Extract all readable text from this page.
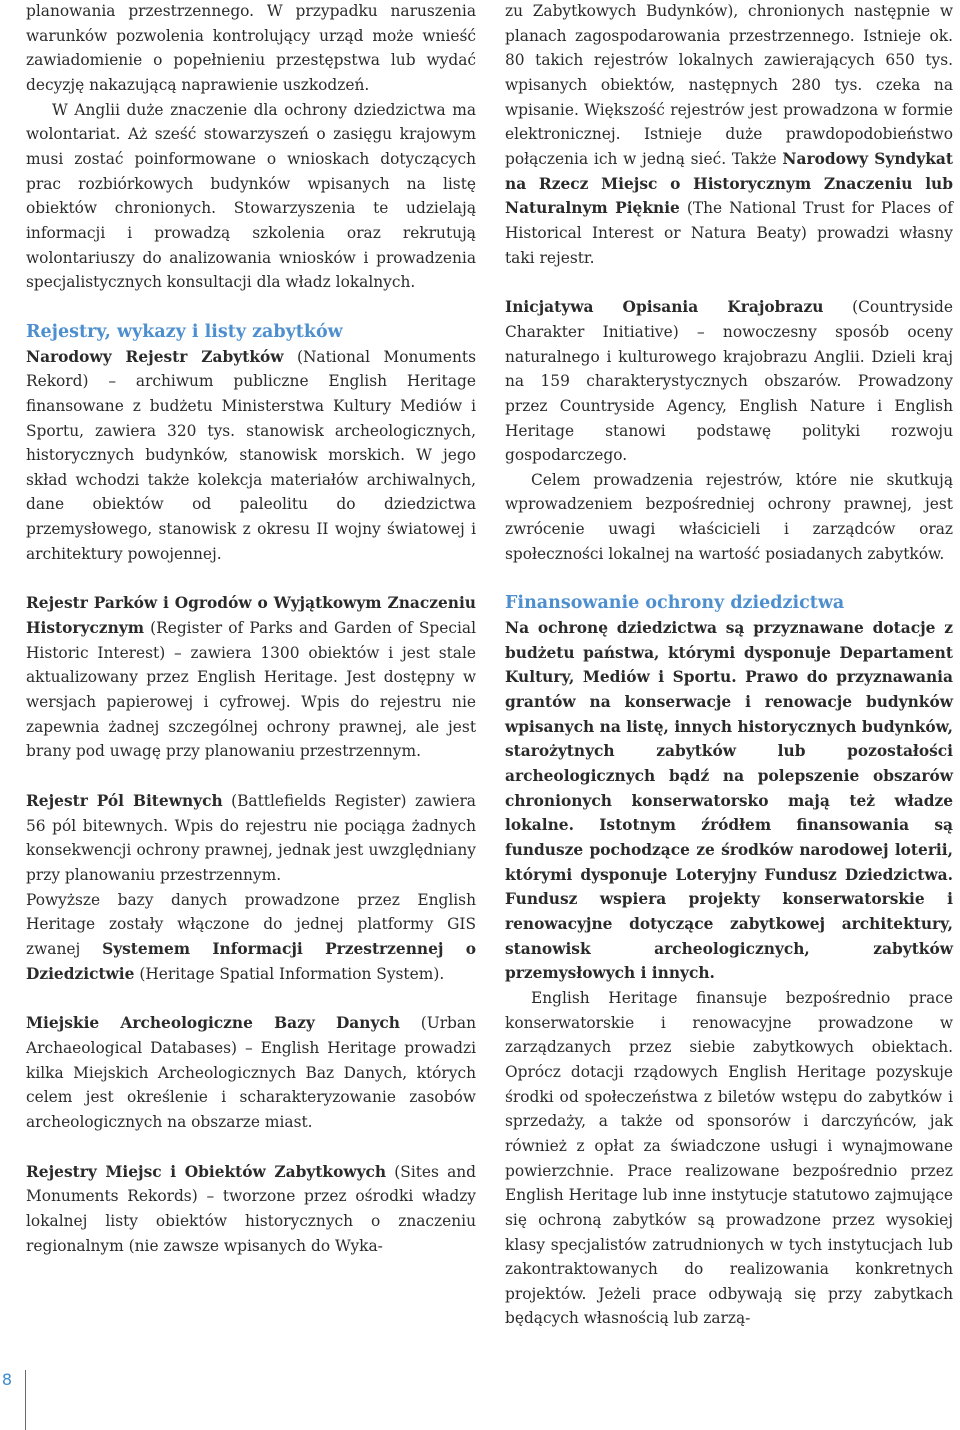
planowania przestrzennego. W przypadku naruszenia warunków pozwolenia kontrolujący urząd może wnieść zawiadomienie o popełnieniu przestępstwa lub wydać decyzję nakazującą naprawienie uszkodzeń.

W Anglii duże znaczenie dla ochrony dziedzictwa ma wolontariat. Aż sześć stowarzyszeń o zasięgu krajowym musi zostać poinformowane o wnioskach dotyczących prac rozbiórkowych budynków wpisanych na listę obiektów chronionych. Stowarzyszenia te udzielają informacji i prowadzą szkolenia oraz rekrutują wolontariuszy do analizowania wniosków i prowadzenia specjalistycznych konsultacji dla władz lokalnych.

Rejestry, wykazy i listy zabytków

Narodowy Rejestr Zabytków (National Monuments Rekord) – archiwum publiczne English Heritage finansowane z budżetu Ministerstwa Kultury Mediów i Sportu, zawiera 320 tys. stanowisk archeologicznych, historycznych budynków, stanowisk morskich. W jego skład wchodzi także kolekcja materiałów archiwalnych, dane obiektów od paleolitu do dziedzictwa przemysłowego, stanowisk z okresu II wojny światowej i architektury powojennej.

Rejestr Parków i Ogrodów o Wyjątkowym Znaczeniu Historycznym (Register of Parks and Garden of Special Historic Interest) – zawiera 1300 obiektów i jest stale aktualizowany przez English Heritage. Jest dostępny w wersjach papierowej i cyfrowej. Wpis do rejestru nie zapewnia żadnej szczególnej ochrony prawnej, ale jest brany pod uwagę przy planowaniu przestrzennym.

Rejestr Pól Bitewnych (Battlefields Register) zawiera 56 pól bitewnych. Wpis do rejestru nie pociąga żadnych konsekwencji ochrony prawnej, jednak jest uwzględniany przy planowaniu przestrzennym.

Powyższe bazy danych prowadzone przez English Heritage zostały włączone do jednej platformy GIS zwanej Systemem Informacji Przestrzennej o Dziedzictwie (Heritage Spatial Information System).

Miejskie Archeologiczne Bazy Danych (Urban Archaeological Databases) – English Heritage prowadzi kilka Miejskich Archeologicznych Baz Danych, których celem jest określenie i scharakteryzowanie zasobów archeologicznych na obszarze miast.

Rejestry Miejsc i Obiektów Zabytkowych (Sites and Monuments Rekords) – tworzone przez ośrodki władzy lokalnej listy obiektów historycznych o znaczeniu regionalnym (nie zawsze wpisanych do Wyka-

zu Zabytkowych Budynków), chronionych następnie w planach zagospodarowania przestrzennego. Istnieje ok. 80 takich rejestrów lokalnych zawierających 650 tys. wpisanych obiektów, następnych 280 tys. czeka na wpisanie. Większość rejestrów jest prowadzona w formie elektronicznej. Istnieje duże prawdopodobieństwo połączenia ich w jedną sieć. Także Narodowy Syndykat na Rzecz Miejsc o Historycznym Znaczeniu lub Naturalnym Pięknie (The National Trust for Places of Historical Interest or Natura Beaty) prowadzi własny taki rejestr.

Inicjatywa Opisania Krajobrazu (Countryside Charakter Initiative) – nowoczesny sposób oceny naturalnego i kulturowego krajobrazu Anglii. Dzieli kraj na 159 charakterystycznych obszarów. Prowadzony przez Countryside Agency, English Nature i English Heritage stanowi podstawę polityki rozwoju gospodarczego.

Celem prowadzenia rejestrów, które nie skutkują wprowadzeniem bezpośredniej ochrony prawnej, jest zwrócenie uwagi właścicieli i zarządców oraz społeczności lokalnej na wartość posiadanych zabytków.

Finansowanie ochrony dziedzictwa

Na ochronę dziedzictwa są przyznawane dotacje z budżetu państwa, którymi dysponuje Departament Kultury, Mediów i Sportu. Prawo do przyznawania grantów na konserwacje i renowacje budynków wpisanych na listę, innych historycznych budynków, starożytnych zabytków lub pozostałości archeologicznych bądź na polepszenie obszarów chronionych konserwatorsko mają też władze lokalne. Istotnym źródłem finansowania są fundusze pochodzące ze środków narodowej loterii, którymi dysponuje Loteryjny Fundusz Dziedzictwa. Fundusz wspiera projekty konserwatorskie i renowacyjne dotyczące zabytkowej architektury, stanowisk archeologicznych, zabytków przemysłowych i innych.

English Heritage finansuje bezpośrednio prace konserwatorskie i renowacyjne prowadzone w zarządzanych przez siebie zabytkowych obiektach. Oprócz dotacji rządowych English Heritage pozyskuje środki od społeczeństwa z biletów wstępu do zabytków i sprzedaży, a także od sponsorów i darczyńców, jak również z opłat za świadczone usługi i wynajmowane powierzchnie. Prace realizowane bezpośrednio przez English Heritage lub inne instytucje statutowo zajmujące się ochroną zabytków są prowadzone przez wysokiej klasy specjalistów zatrudnionych w tych instytucjach lub zakontraktowanych do realizowania konkretnych projektów. Jeżeli prace odbywają się przy zabytkach będących własnością lub zarzą-

8
